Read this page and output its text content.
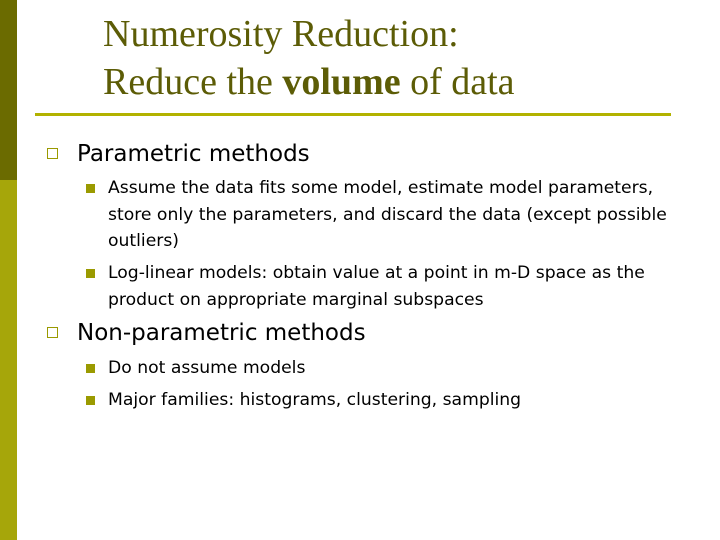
Numerosity Reduction:
Reduce the volume of data
Parametric methods
Assume the data fits some model, estimate model parameters, store only the parameters, and discard the data (except possible outliers)
Log-linear models: obtain value at a point in m-D space as the product on appropriate marginal subspaces
Non-parametric methods
Do not assume models
Major families: histograms, clustering, sampling
